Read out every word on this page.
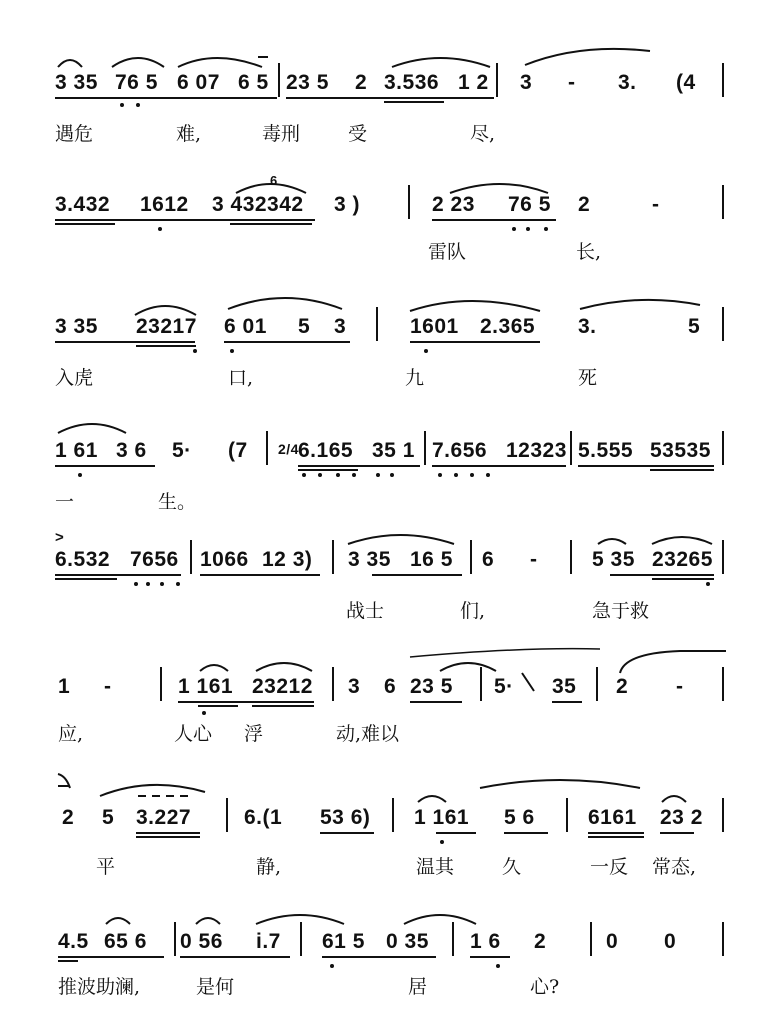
3 35 76 5 6 07 6 5 23 5 2 3.536 1 2 3 - 3. (4
遇危	难,	毒刑	受	尽,
3.432 1612 3 432342 3 )
6
2 23 76 5 2	-
雷队	长,
3 35 23217 6 01 5 3	1601 2.365 3.	5
入虎	口,	九	死
1 61 3 6 5· (7 2/4 6.165 35 1 7.656 12323 5.555 53535
一	生。
>
6.532 7656 1066 12 3) 3 35 16 5 6 -	5 35 23265
战士	们,	急于救
1 -	1 161 23212 3 6 23 5 5· 35 2 -
应,	人心 浮	动,难以
2 5 3.227	6.(1 53 6) 1 161 5 6	6161 23 2
平	静,	温其	久	一反 常态,
4.5 65 6 0 56 i.7 61 5 0 35 1 6 2	0 0
推波助澜,	是何	居	心?
